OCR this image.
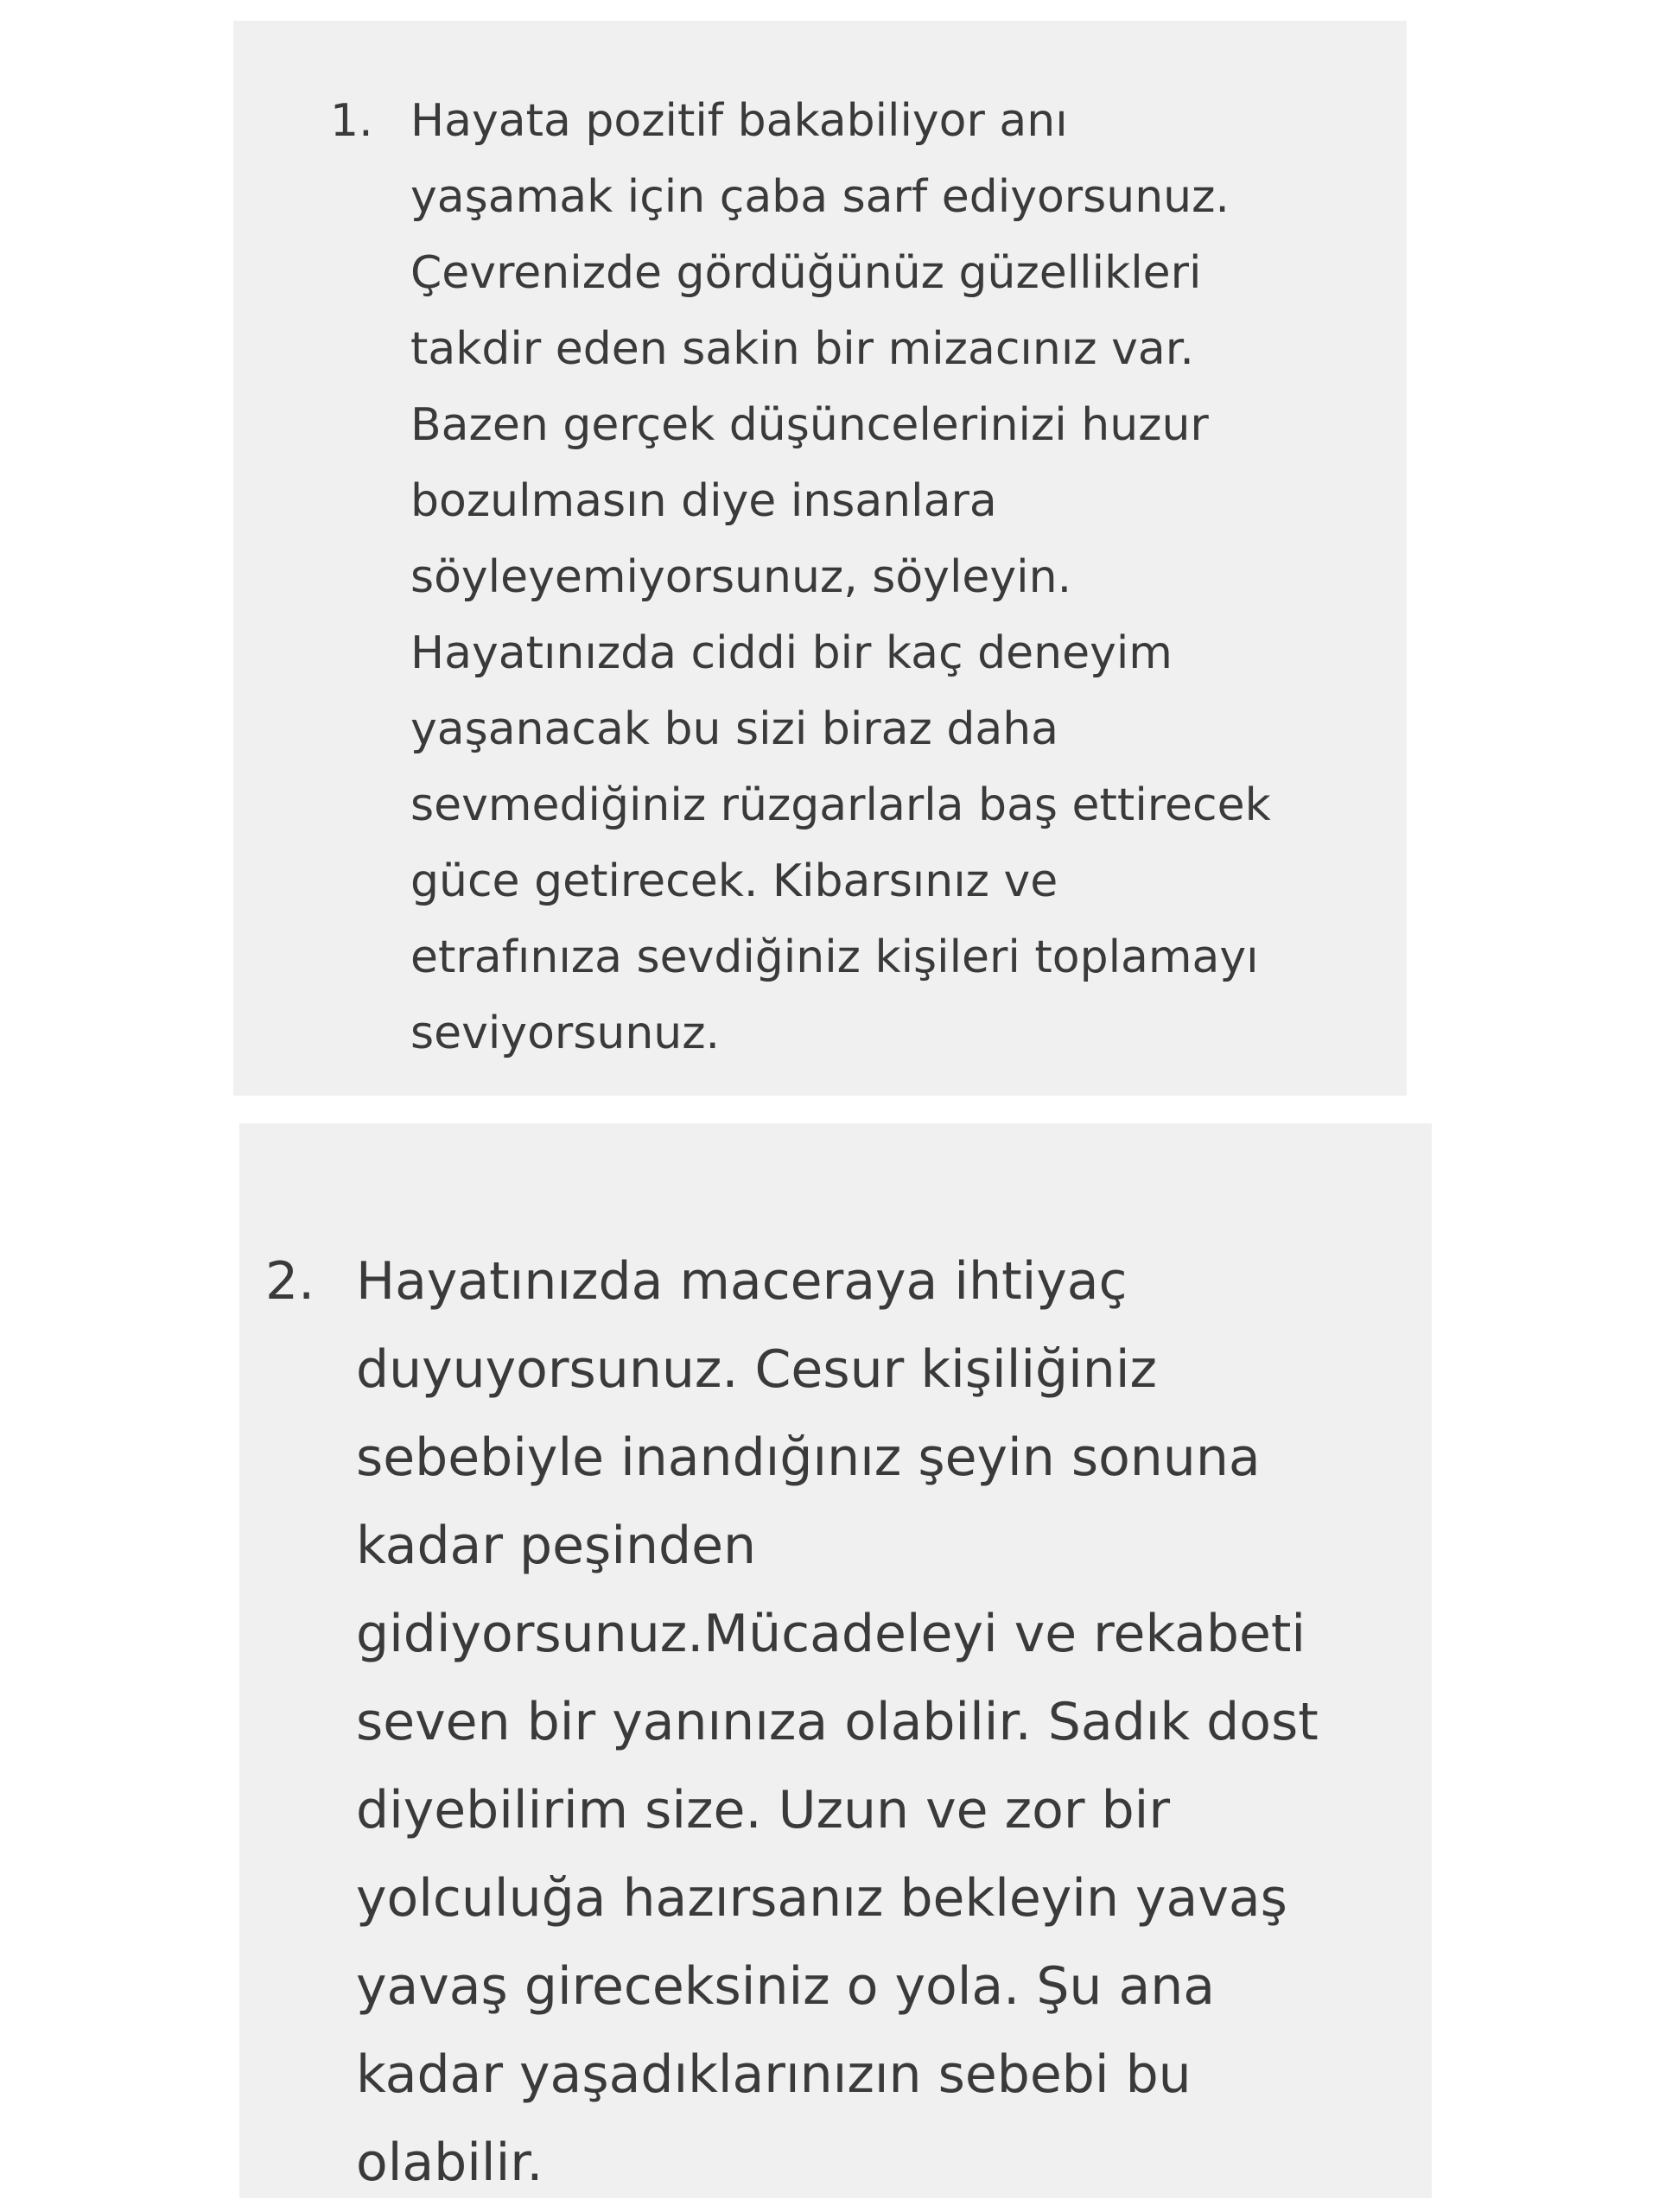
1. Hayata pozitif bakabiliyor anı
yaşamak için çaba sarf ediyorsunuz.
Çevrenizde gördüğünüz güzellikleri
takdir eden sakin bir mizacınız var.
Bazen gerçek düşüncelerinizi huzur
bozulmasın diye insanlara
söyleyemiyorsunuz, söyleyin.
Hayatınızda ciddi bir kaç deneyim
yaşanacak bu sizi biraz daha
sevmediğiniz rüzgarlarla baş ettirecek
güce getirecek. Kibarsınız ve
etrafınıza sevdiğiniz kişileri toplamayı
seviyorsunuz.

2. Hayatınızda maceraya ihtiyaç
duyuyorsunuz. Cesur kişiliğiniz
sebebiyle inandığınız şeyin sonuna
kadar peşinden
gidiyorsunuz.Mücadeleyi ve rekabeti
seven bir yanınıza olabilir. Sadık dost
diyebilirim size. Uzun ve zor bir
yolculuğa hazırsanız bekleyin yavaş
yavaş gireceksiniz o yola. Şu ana
kadar yaşadıklarınızın sebebi bu
olabilir.
